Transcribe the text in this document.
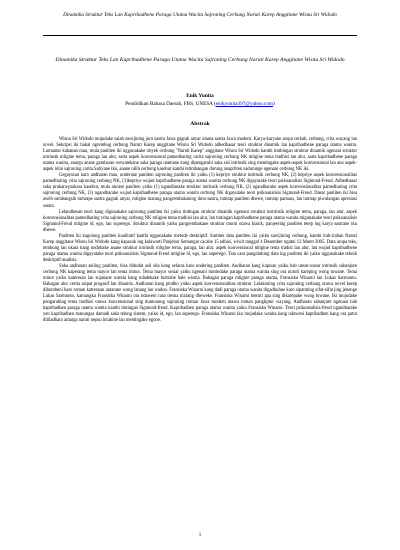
Dinamika Struktur Teks Lan Kapribadhene Paraga Utama Wacita Sajroning Cerbung Naruti Karep Anggitane Wisnu Sri Widodo
Dinamika Struktur Teks Lan Kapribadhene Paraga Utama Wacita Sajroning Cerbung Naruti Karep Anggitane Wisnu Sri Widodo
Enik Yunita
Pendidikan Bahasa Daerah, FBS, UNESA (enikyunita397@yahoo.com)
Abstrak

Wisnu Sri Widodo mujudake salah sawijining juru sastra Jawa gagrak anyar utama sastra Jawa modern. Karya-karyane arupa cerkak, cerbung, crita wayang lan novel. Sekripsi iki bakal ngrembug cerbung Naruti Karep anggitane Wisnu Sri Widodo adhedhasar teori struktur dinamik lan kapribadhene paraga utama wanita. Lumantar kahanan mau, mula panliten iki nggunakake obyek cerbung "Naruti Karep" anggitane Wisnu Sri Widodo kanthi timbingan struktur dinamik ngenani struktur intrinsik mligine tema, paraga lan alur, sarta aspek konvensional pamedharing carita sajroning cerbung NK mligine tema tradhisi lan alur, sarta kapribadhene paraga utama wanita, anarga anane gambaran wewatekane saka paraga utamane kang dipengaruhi saka sisi intrinsik sing mentingake aspek-aspek konvensional lan ana aspek-aspek nilai sajroning carita.Saliyane iku, anane nilih cerbung kasebut kanthi tetimbangan durung anaprliten sadurunge ngenani cerbung NK iki.

Gegayutan karo andharan mau, underane panliten sajroning panliten iki yaiku (1) kepriye struktur intrinsik cerbung NK, (2) kepriye aspek konvensionalitas pamedharing crita sajroning cerbung NK, (3)kepriye wujud kapribadhene paraga utama wanita cerbung NK digayutake teori psikoanalisis Sigmund-Freud. Adhedhasar saka prakara-prakara kasebut, mula ancase panliten yaiku (1) ngandharake struktur intrinsik cerbung NK, (2) ngandharake aspek konvensionalitas pamedharing crita sajroning cerbung NK, (3) ngandharake wujud kapribadhene paraga utama wanita cerbung NK digayutake teori psikoanalisis Sigmund-Freud. Dasar panliten iki bisa awèh sumbangsih tumrape sastra gagrak anyar, mligine marang pangrembakaning ilmu sastra, tumrap panliten dhewe, tumrap pamaos, lan tumrap piwulangan apresiasi sastra.

Lelandhesan teori kang digunakake sajroning panliten iki yaiku tintingan struktur dinamik ngenani struktur instrinsik mligine tema, paraga, lan alur, aspek konvensionalitas pamedharing crita sajroning cerbung NK mligine tema tradhisi lan alur, lan tintingan kapribadhene paraga utama wanita migunakake teori psikoanalisis Sigmund-Freud mligine id, ego, lan superego. Struktur dinamik yaiku pangrembakane struktur murni utawa klasik, panjeering panliten tetep ing karya sastrane iku dhewe.

Panliten iki kagolong panliten kualitatif kanthi nggunakake metode deskriptif. Sumber data panliten iki yaiku sawijining cerbung, kanthi irah-irahan Naruti Karep anggitane Wisnu Sri Widodo kang kapacak ing kalawarti Panjebar Semangat cacahe 15 edhisi, wiwit tanggal 4 Desember ngatni 12 Maret 2005. Data arupa teks, tembung lan ukara kang nuduhake anane struktur intrinsik mligine tema, paraga, lan alur, aspek konvensional mligine tema tradisi lan alur, lan wujud kapribadhene paraga utama wanita digayutake teori psikoanalisis Sigmund-Freud mligine id, ego, lan superego. Tata cara pangolahing data ing panliten iki yaiku nggunakake teknik deskriptif-analisis.

Saka andharan asiling panliten, bisa didudut asil sila kang selaras karo undering panliten. Andharan kang kapisan yaiku bab unsur-unsur intrinsik sabanjure cerbung NK kaperang tema mayor lan tema minor. Tema mayor sosial yaiku ngenani tumindake paraga utama wanita sing ora nuruti kareping wong tuwane. Tema minor yaiku kateresan lan sujanane wanita kang ndadekake bubrahe bale wisma. Babagan paraga mligine paraga utama, Fransiska Winarni lan Lukas Sarmonto. Babagan alur cerita asipat progesif lan dinamis. Andharan kang pindho yaiku aspek konvensionalitas struktur. Lelakoning crita sajroning cerbung utawa novel kerep dibumbeni karo roman katresnan antarane wong lanang lan wadon. Fransiska Winarni kang dadi paraga utama wanita digadhuhne karo sipatuting sifat-sifat jing jenenge Lukas Sarmonto, kamangka Fransiska Winarni ora ndaweni rasa tresna marang dheweke. Fransiska Winarni meruti apa sing dikarepake wong tuwane. Iki mujudake pengaruhing tema tradhisi utawa konvensional sing dumunung sajroning roman Jawa modern utawa roman pangliptur wayang. Andharan sabanjure ngenani bab kapribadhen paraga utama wanita kanthi tintingan Sigmund-freud. Kapribadhen paraga utama wanita yaiku Fransiska Winarni. Teori psikoanalisis-freud ngandharake yen kapribadhen manungsa damadi saka telung sistem, yaiku id, ego, lan superego. Fransiska Winarni iku mujudake wanita kang ndaweni kapribadhen kang ora patut ditiladhani amarga naruti nepsu birahine lan mentingake egone.

1
